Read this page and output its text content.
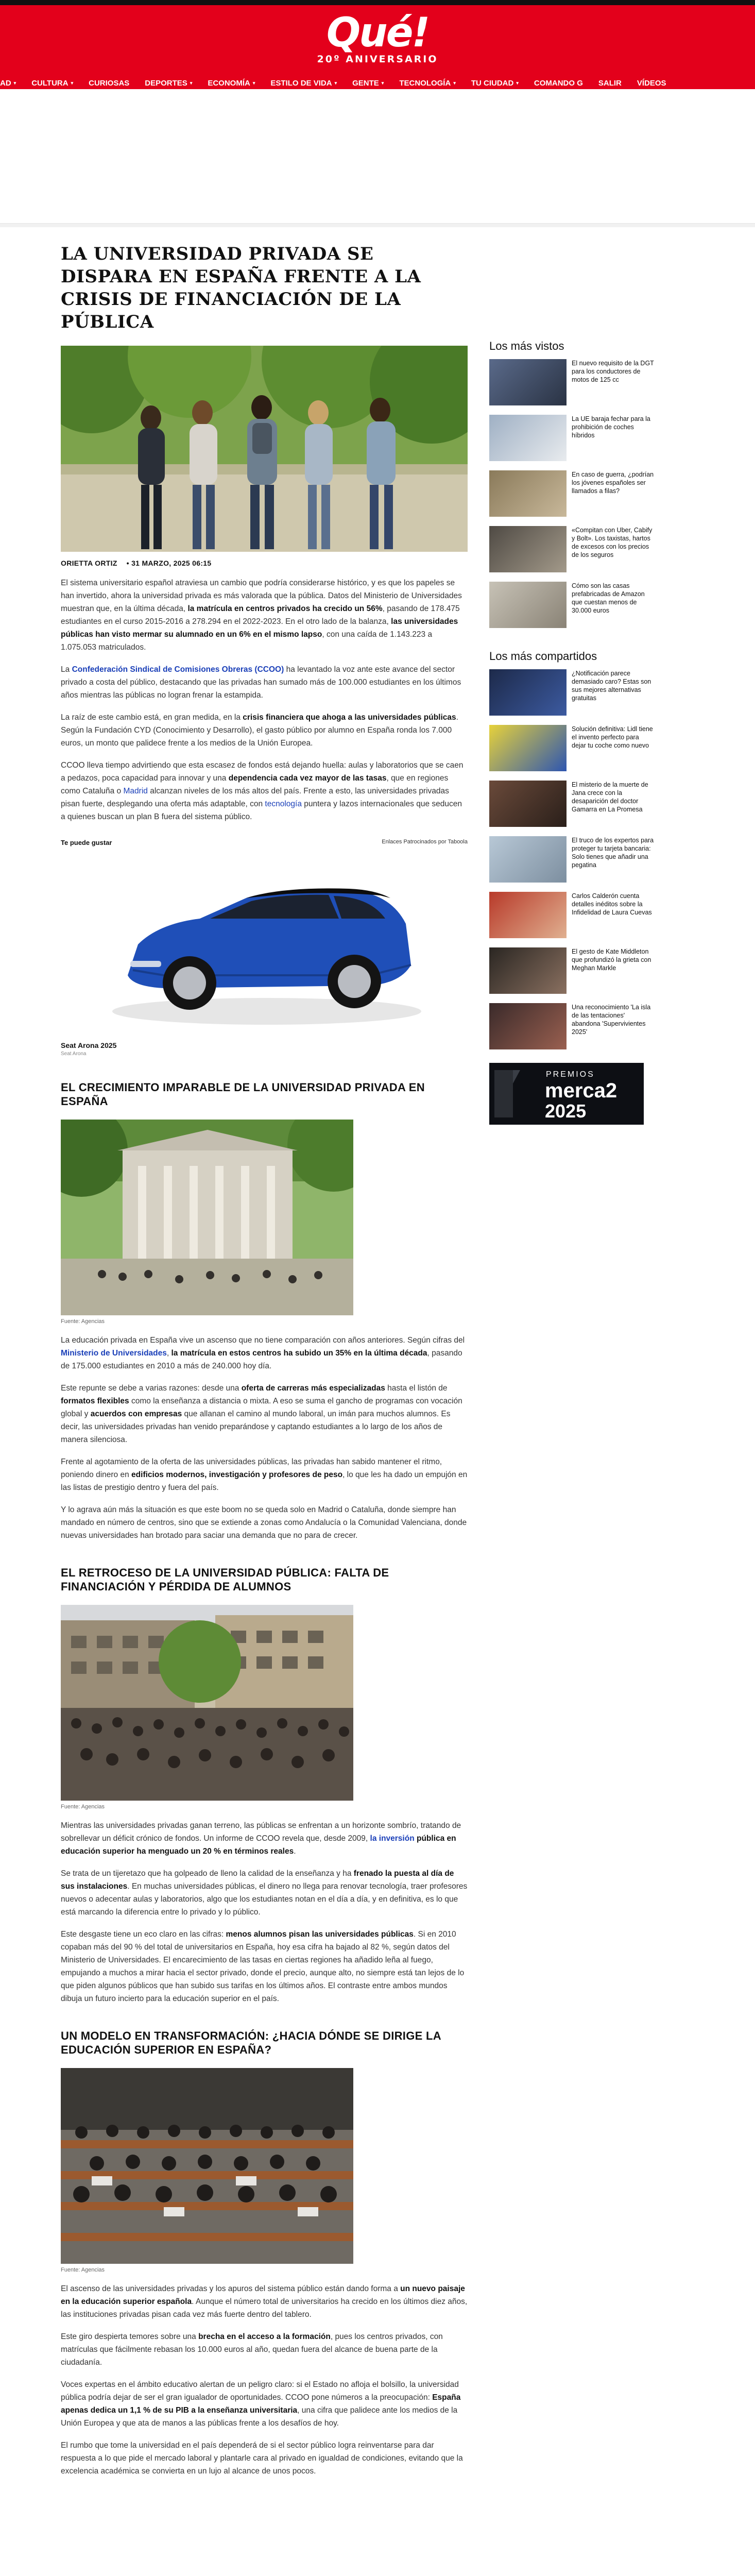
Qué!
20º ANIVERSARIO
AD ▾ CULTURA ▾ CURIOSAS DEPORTES ▾ ECONOMÍA ▾ ESTILO DE VIDA ▾ GENTE ▾ TECNOLOGÍA ▾ TU CIUDAD ▾ COMANDO G SALIR VÍDEOS
LA UNIVERSIDAD PRIVADA SE DISPARA EN ESPAÑA FRENTE A LA CRISIS DE FINANCIACIÓN DE LA PÚBLICA
ORIETTA ORTIZ • 31 MARZO, 2025 06:15

El sistema universitario español atraviesa un cambio que podría considerarse histórico, y es que los papeles se han invertido, ahora la universidad privada es más valorada que la pública. Datos del Ministerio de Universidades muestran que, en la última década, la matrícula en centros privados ha crecido un 56%, pasando de 178.475 estudiantes en el curso 2015-2016 a 278.294 en el 2022-2023. En el otro lado de la balanza, las universidades públicas han visto mermar su alumnado en un 6% en el mismo lapso, con una caída de 1.143.223 a 1.075.053 matriculados.

La Confederación Sindical de Comisiones Obreras (CCOO) ha levantado la voz ante este avance del sector privado a costa del público, destacando que las privadas han sumado más de 100.000 estudiantes en los últimos años mientras las públicas no logran frenar la estampida.

La raíz de este cambio está, en gran medida, en la crisis financiera que ahoga a las universidades públicas. Según la Fundación CYD (Conocimiento y Desarrollo), el gasto público por alumno en España ronda los 7.000 euros, un monto que palidece frente a los medios de la Unión Europea.

CCOO lleva tiempo advirtiendo que esta escasez de fondos está dejando huella: aulas y laboratorios que se caen a pedazos, poca capacidad para innovar y una dependencia cada vez mayor de las tasas, que en regiones como Cataluña o Madrid alcanzan niveles de los más altos del país. Frente a esto, las universidades privadas pisan fuerte, desplegando una oferta más adaptable, con tecnología puntera y lazos internacionales que seducen a quienes buscan un plan B fuera del sistema público.

Te puede gustar	Enlaces Patrocinados por Taboola
Seat Arona 2025
Seat Arona
EL CRECIMIENTO IMPARABLE DE LA UNIVERSIDAD PRIVADA EN ESPAÑA
Fuente: Agencias

La educación privada en España vive un ascenso que no tiene comparación con años anteriores. Según cifras del Ministerio de Universidades, la matrícula en estos centros ha subido un 35% en la última década, pasando de 175.000 estudiantes en 2010 a más de 240.000 hoy día.

Este repunte se debe a varias razones: desde una oferta de carreras más especializadas hasta el listón de formatos flexibles como la enseñanza a distancia o mixta. A eso se suma el gancho de programas con vocación global y acuerdos con empresas que allanan el camino al mundo laboral, un imán para muchos alumnos. Es decir, las universidades privadas han venido preparándose y captando estudiantes a lo largo de los años de manera silenciosa.

Frente al agotamiento de la oferta de las universidades públicas, las privadas han sabido mantener el ritmo, poniendo dinero en edificios modernos, investigación y profesores de peso, lo que les ha dado un empujón en las listas de prestigio dentro y fuera del país.

Y lo agrava aún más la situación es que este boom no se queda solo en Madrid o Cataluña, donde siempre han mandado en número de centros, sino que se extiende a zonas como Andalucía o la Comunidad Valenciana, donde nuevas universidades han brotado para saciar una demanda que no para de crecer.

EL RETROCESO DE LA UNIVERSIDAD PÚBLICA: FALTA DE FINANCIACIÓN Y PÉRDIDA DE ALUMNOS
Fuente: Agencias

Mientras las universidades privadas ganan terreno, las públicas se enfrentan a un horizonte sombrío, tratando de sobrellevar un déficit crónico de fondos. Un informe de CCOO revela que, desde 2009, la inversión pública en educación superior ha menguado un 20 % en términos reales.

Se trata de un tijeretazo que ha golpeado de lleno la calidad de la enseñanza y ha frenado la puesta al día de sus instalaciones. En muchas universidades públicas, el dinero no llega para renovar tecnología, traer profesores nuevos o adecentar aulas y laboratorios, algo que los estudiantes notan en el día a día, y en definitiva, es lo que está marcando la diferencia entre lo privado y lo público.

Este desgaste tiene un eco claro en las cifras: menos alumnos pisan las universidades públicas. Si en 2010 copaban más del 90 % del total de universitarios en España, hoy esa cifra ha bajado al 82 %, según datos del Ministerio de Universidades. El encarecimiento de las tasas en ciertas regiones ha añadido leña al fuego, empujando a muchos a mirar hacia el sector privado, donde el precio, aunque alto, no siempre está tan lejos de lo que piden algunos públicos que han subido sus tarifas en los últimos años. El contraste entre ambos mundos dibuja un futuro incierto para la educación superior en el país.

UN MODELO EN TRANSFORMACIÓN: ¿HACIA DÓNDE SE DIRIGE LA EDUCACIÓN SUPERIOR EN ESPAÑA?
Fuente: Agencias

El ascenso de las universidades privadas y los apuros del sistema público están dando forma a un nuevo paisaje en la educación superior española. Aunque el número total de universitarios ha crecido en los últimos diez años, las instituciones privadas pisan cada vez más fuerte dentro del tablero.

Este giro despierta temores sobre una brecha en el acceso a la formación, pues los centros privados, con matrículas que fácilmente rebasan los 10.000 euros al año, quedan fuera del alcance de buena parte de la ciudadanía.

Voces expertas en el ámbito educativo alertan de un peligro claro: si el Estado no afloja el bolsillo, la universidad pública podría dejar de ser el gran igualador de oportunidades. CCOO pone números a la preocupación: España apenas dedica un 1,1 % de su PIB a la enseñanza universitaria, una cifra que palidece ante los medios de la Unión Europea y que ata de manos a las públicas frente a los desafíos de hoy.

El rumbo que tome la universidad en el país dependerá de si el sector público logra reinventarse para dar respuesta a lo que pide el mercado laboral y plantarle cara al privado en igualdad de condiciones, evitando que la excelencia académica se convierta en un lujo al alcance de unos pocos.

Los más vistos
El nuevo requisito de la DGT para los conductores de motos de 125 cc
La UE baraja fechar para la prohibición de coches híbridos
En caso de guerra, ¿podrían los jóvenes españoles ser llamados a filas?
«Compitan con Uber, Cabify y Bolt». Los taxistas, hartos de excesos con los precios de los seguros
Cómo son las casas prefabricadas de Amazon que cuestan menos de 30.000 euros
Los más compartidos
¿Notificación parece demasiado caro? Estas son sus mejores alternativas gratuitas
Solución definitiva: Lidl tiene el invento perfecto para dejar tu coche como nuevo
El misterio de la muerte de Jana crece con la desaparición del doctor Gamarra en La Promesa
El truco de los expertos para proteger tu tarjeta bancaria: Solo tienes que añadir una pegatina
Carlos Calderón cuenta detalles inéditos sobre la Infidelidad de Laura Cuevas
El gesto de Kate Middleton que profundizó la grieta con Meghan Markle
Una reconocimiento 'La isla de las tentaciones' abandona 'Supervivientes 2025'
PREMIOS
merca2
2025
